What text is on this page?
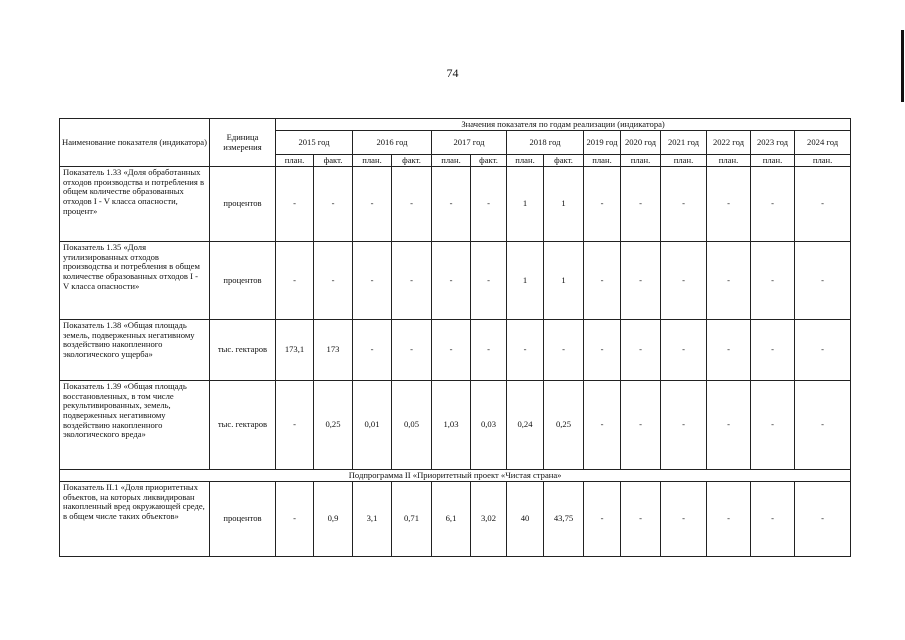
74
Наименование показателя (индикатора)	Единица измерения	Значения показателя по годам реализации (индикатора)													
		2015 год		2016 год		2017 год		2018 год		2019 год	2020 год	2021 год	2022 год	2023 год	2024 год
		план.	факт.	план.	факт.	план.	факт.	план.	факт.	план.	план.	план.	план.	план.	план.
Показатель 1.33 «Доля обработанных отходов производства и потребления в общем количестве образованных отходов I - V класса опасности, процент»	процентов	-	-	-	-	-	-	1	1	-	-	-	-	-	-
Показатель 1.35 «Доля утилизированных отходов производства и потребления в общем количестве образованных отходов I - V класса опасности»	процентов	-	-	-	-	-	-	1	1	-	-	-	-	-	-
Показатель 1.38 «Общая площадь земель, подверженных негативному воздействию накопленного экологического ущерба»	тыс. гектаров	173,1	173	-	-	-	-	-	-	-	-	-	-	-	-
Показатель 1.39 «Общая площадь восстановленных, в том числе рекультивированных, земель, подверженных негативному воздействию накопленного экологического вреда»	тыс. гектаров	-	0,25	0,01	0,05	1,03	0,03	0,24	0,25	-	-	-	-	-	-
Подпрограмма II «Приоритетный проект «Чистая страна»															
Показатель II.1 «Доля приоритетных объектов, на которых ликвидирован накопленный вред окружающей среде, в общем числе таких объектов»	процентов	-	0,9	3,1	0,71	6,1	3,02	40	43,75	-	-	-	-	-	-
